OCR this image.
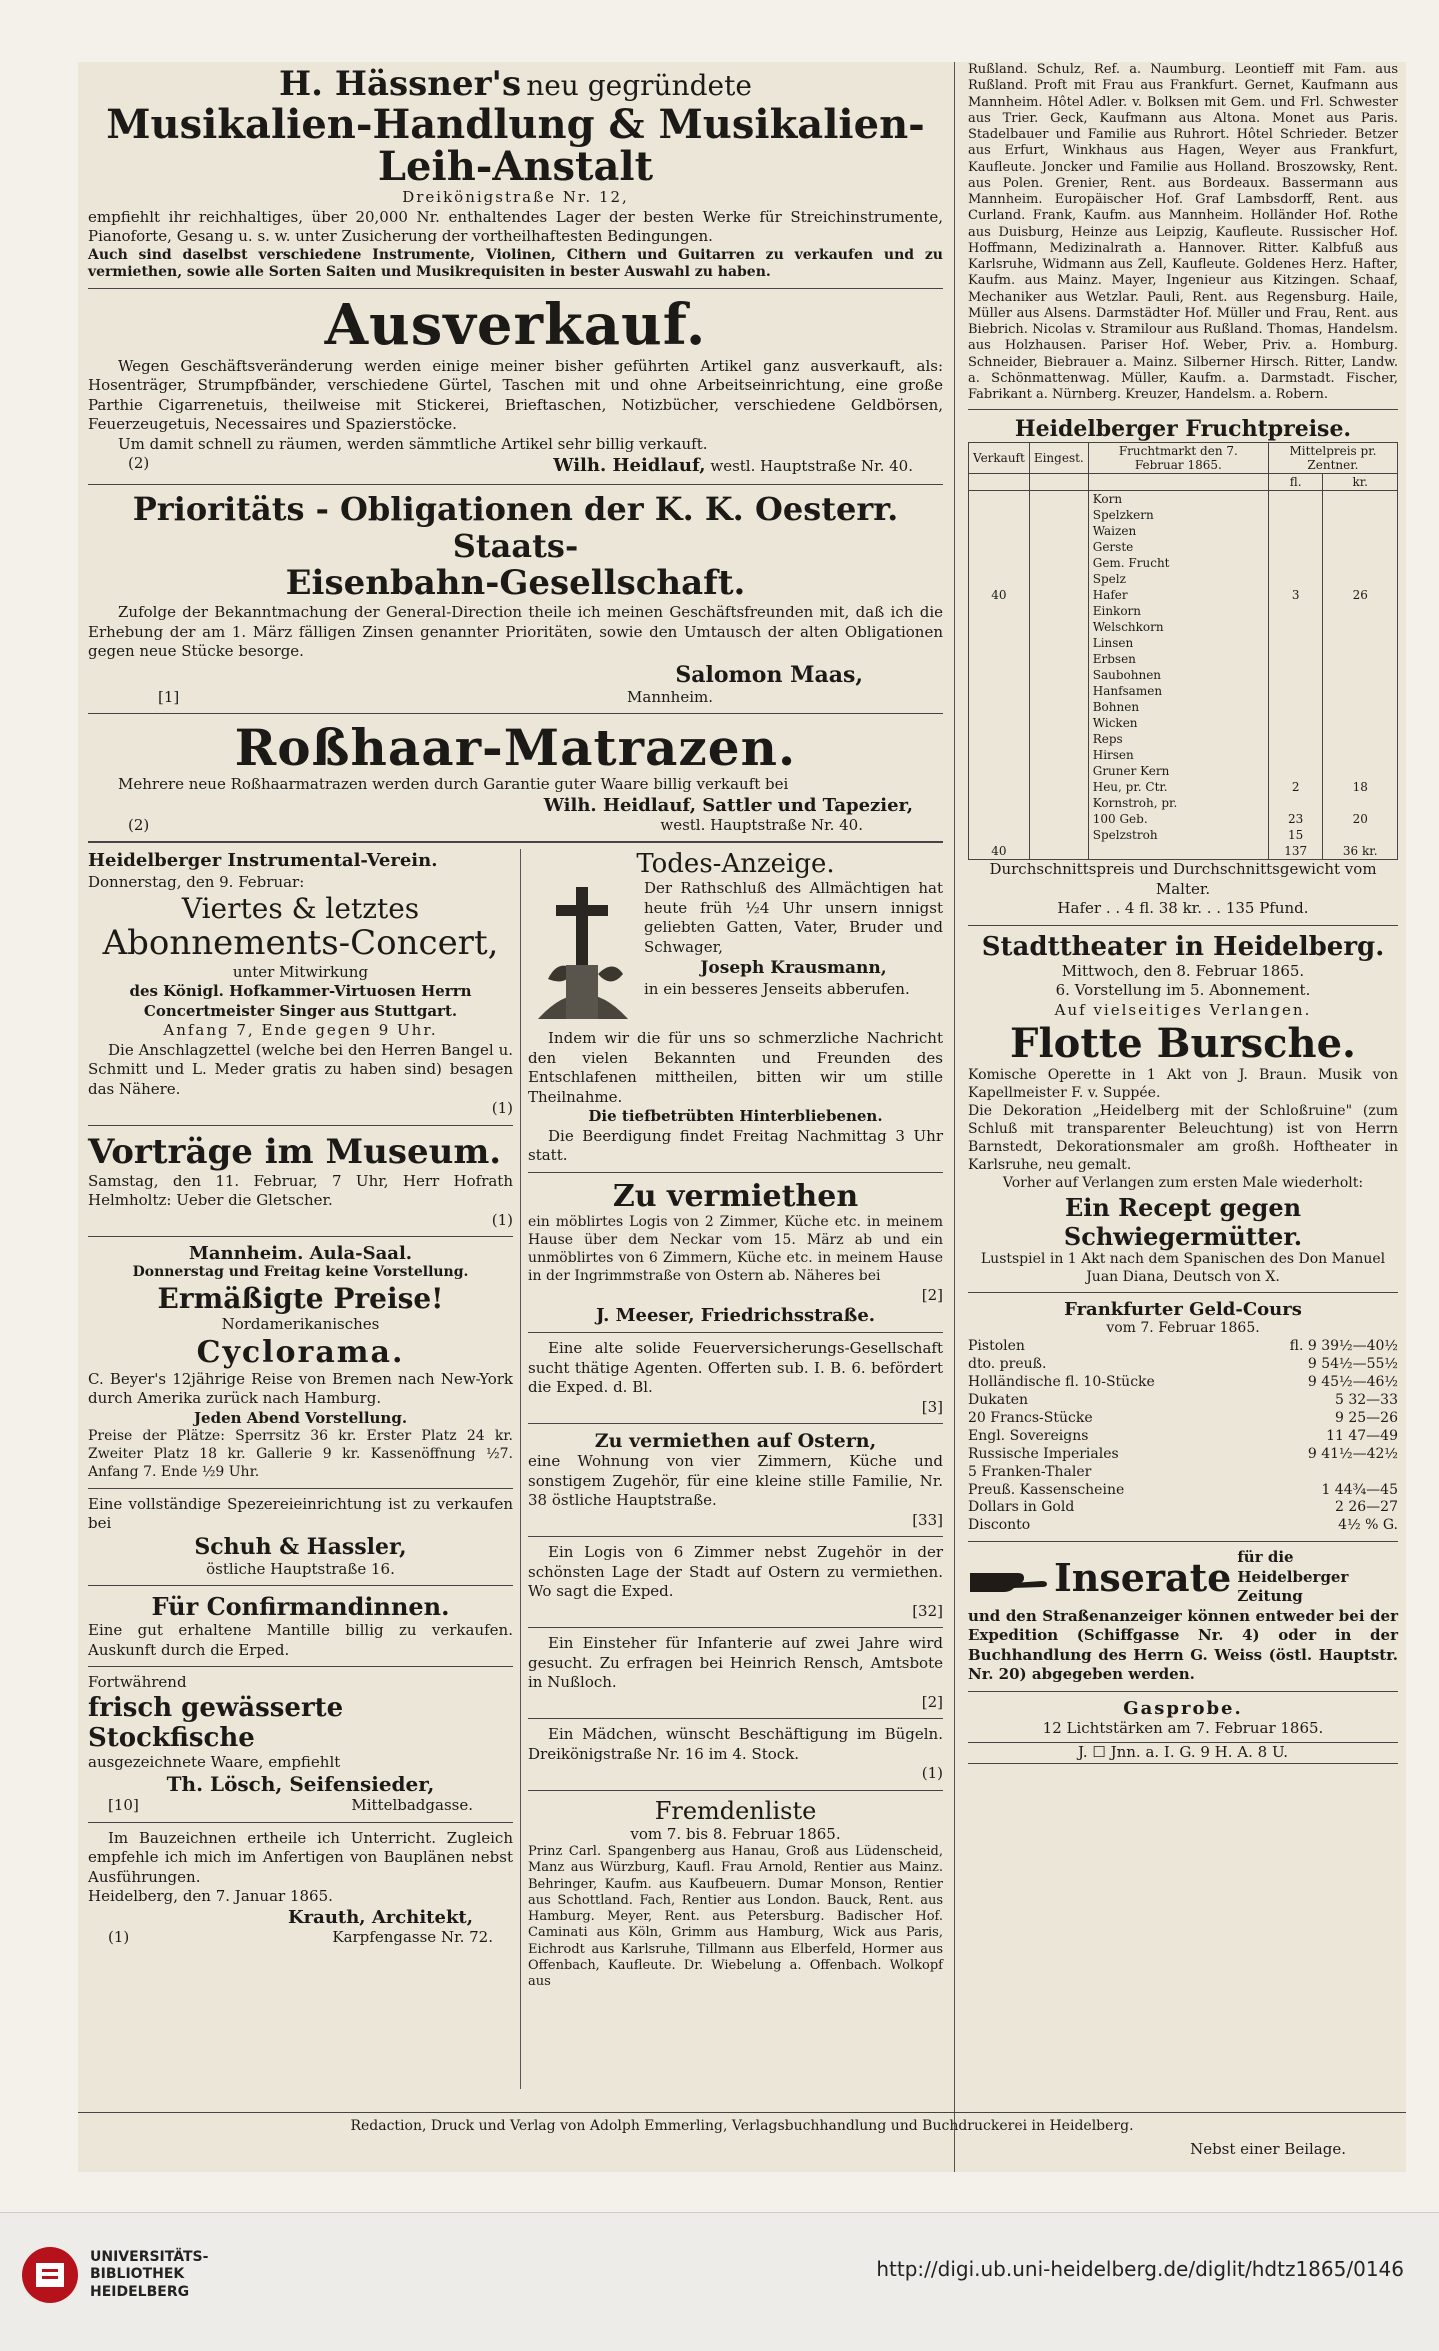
H. Hässner's neu gegründete
Musikalien-Handlung & Musikalien-Leih-Anstalt
Dreikönigstraße Nr. 12,
empfiehlt ihr reichhaltiges, über 20,000 Nr. enthaltendes Lager der besten Werke für Streichinstrumente, Pianoforte, Gesang u. s. w. unter Zusicherung der vortheilhaftesten Bedingungen.
Auch sind daselbst verschiedene Instrumente, Violinen, Cithern und Guitarren zu verkaufen und zu vermiethen, sowie alle Sorten Saiten und Musikrequisiten in bester Auswahl zu haben.
Ausverkauf.
Wegen Geschäftsveränderung werden einige meiner bisher geführten Artikel ganz ausverkauft, als: Hosenträger, Strumpfbänder, verschiedene Gürtel, Taschen mit und ohne Arbeitseinrichtung, eine große Parthie Cigarrenetuis, theilweise mit Stickerei, Brieftaschen, Notizbücher, verschiedene Geldbörsen, Feuerzeugetuis, Necessaires und Spazierstöcke.
Um damit schnell zu räumen, werden sämmtliche Artikel sehr billig verkauft.
(2)	Wilh. Heidlauf, westl. Hauptstraße Nr. 40.
Prioritäts - Obligationen der K. K. Oesterr. Staats-
Eisenbahn-Gesellschaft.
Zufolge der Bekanntmachung der General-Direction theile ich meinen Geschäftsfreunden mit, daß ich die Erhebung der am 1. März fälligen Zinsen genannter Prioritäten, sowie den Umtausch der alten Obligationen gegen neue Stücke besorge.
Salomon Maas,
[1]	Mannheim.
Roßhaar-Matrazen.
Mehrere neue Roßhaarmatrazen werden durch Garantie guter Waare billig verkauft bei
Wilh. Heidlauf, Sattler und Tapezier,
(2)	westl. Hauptstraße Nr. 40.
Heidelberger Instrumental-Verein.
Donnerstag, den 9. Februar:
Viertes & letztes
Abonnements-Concert,
unter Mitwirkung
des Königl. Hofkammer-Virtuosen Herrn
Concertmeister Singer aus Stuttgart.
Anfang 7, Ende gegen 9 Uhr.
Die Anschlagzettel (welche bei den Herren Bangel u. Schmitt und L. Meder gratis zu haben sind) besagen das Nähere.
(1)
Vorträge im Museum.
Samstag, den 11. Februar, 7 Uhr, Herr Hofrath Helmholtz: Ueber die Gletscher.
(1)
Mannheim. Aula-Saal.
Donnerstag und Freitag keine Vorstellung.
Ermäßigte Preise!
Nordamerikanisches
Cyclorama.
C. Beyer's 12jährige Reise von Bremen nach New-York durch Amerika zurück nach Hamburg.
Jeden Abend Vorstellung.
Preise der Plätze: Sperrsitz 36 kr. Erster Platz 24 kr. Zweiter Platz 18 kr. Gallerie 9 kr. Kassenöffnung ½7. Anfang 7. Ende ½9 Uhr.
Eine vollständige Spezereieinrichtung ist zu verkaufen bei
Schuh & Hassler,
östliche Hauptstraße 16.
Für Confirmandinnen.
Eine gut erhaltene Mantille billig zu verkaufen. Auskunft durch die Erped.
Fortwährend
frisch gewässerte Stockfische
ausgezeichnete Waare, empfiehlt
Th. Lösch, Seifensieder,
[10]	Mittelbadgasse.
Im Bauzeichnen ertheile ich Unterricht. Zugleich empfehle ich mich im Anfertigen von Bauplänen nebst Ausführungen.
Heidelberg, den 7. Januar 1865.
Krauth, Architekt,
(1)	Karpfengasse Nr. 72.
Todes-Anzeige.
Der Rathschluß des Allmächtigen hat heute früh ½4 Uhr unsern innigst geliebten Gatten, Vater, Bruder und Schwager,
Joseph Krausmann,
in ein besseres Jenseits abberufen.
Indem wir die für uns so schmerzliche Nachricht den vielen Bekannten und Freunden des Entschlafenen mittheilen, bitten wir um stille Theilnahme.
Die tiefbetrübten Hinterbliebenen.
Die Beerdigung findet Freitag Nachmittag 3 Uhr statt.
Zu vermiethen
ein möblirtes Logis von 2 Zimmer, Küche etc. in meinem Hause über dem Neckar vom 15. März ab und ein unmöblirtes von 6 Zimmern, Küche etc. in meinem Hause in der Ingrimmstraße von Ostern ab. Näheres bei
[2]
J. Meeser, Friedrichsstraße.
Eine alte solide Feuerversicherungs-Gesellschaft sucht thätige Agenten. Offerten sub. I. B. 6. befördert die Exped. d. Bl.
[3]
Zu vermiethen auf Ostern,
eine Wohnung von vier Zimmern, Küche und sonstigem Zugehör, für eine kleine stille Familie, Nr. 38 östliche Hauptstraße.
[33]
Ein Logis von 6 Zimmer nebst Zugehör in der schönsten Lage der Stadt auf Ostern zu vermiethen. Wo sagt die Exped.
[32]
Ein Einsteher für Infanterie auf zwei Jahre wird gesucht. Zu erfragen bei Heinrich Rensch, Amtsbote in Nußloch.
[2]
Ein Mädchen, wünscht Beschäftigung im Bügeln. Dreikönigstraße Nr. 16 im 4. Stock.
(1)
Fremdenliste
vom 7. bis 8. Februar 1865.
Prinz Carl. Spangenberg aus Hanau, Groß aus Lüdenscheid, Manz aus Würzburg, Kaufl. Frau Arnold, Rentier aus Mainz. Behringer, Kaufm. aus Kaufbeuern. Dumar Monson, Rentier aus Schottland. Fach, Rentier aus London. Bauck, Rent. aus Hamburg. Meyer, Rent. aus Petersburg. Badischer Hof. Caminati aus Köln, Grimm aus Hamburg, Wick aus Paris, Eichrodt aus Karlsruhe, Tillmann aus Elberfeld, Hormer aus Offenbach, Kaufleute. Dr. Wiebelung a. Offenbach. Wolkopf aus
Rußland. Schulz, Ref. a. Naumburg. Leontieff mit Fam. aus Rußland. Proft mit Frau aus Frankfurt. Gernet, Kaufmann aus Mannheim. Hôtel Adler. v. Bolksen mit Gem. und Frl. Schwester aus Trier. Geck, Kaufmann aus Altona. Monet aus Paris. Stadelbauer und Familie aus Ruhrort. Hôtel Schrieder. Betzer aus Erfurt, Winkhaus aus Hagen, Weyer aus Frankfurt, Kaufleute. Joncker und Familie aus Holland. Broszowsky, Rent. aus Polen. Grenier, Rent. aus Bordeaux. Bassermann aus Mannheim. Europäischer Hof. Graf Lambsdorff, Rent. aus Curland. Frank, Kaufm. aus Mannheim. Holländer Hof. Rothe aus Duisburg, Heinze aus Leipzig, Kaufleute. Russischer Hof. Hoffmann, Medizinalrath a. Hannover. Ritter. Kalbfuß aus Karlsruhe, Widmann aus Zell, Kaufleute. Goldenes Herz. Hafter, Kaufm. aus Mainz. Mayer, Ingenieur aus Kitzingen. Schaaf, Mechaniker aus Wetzlar. Pauli, Rent. aus Regensburg. Haile, Müller aus Alsens. Darmstädter Hof. Müller und Frau, Rent. aus Biebrich. Nicolas v. Stramilour aus Rußland. Thomas, Handelsm. aus Holzhausen. Pariser Hof. Weber, Priv. a. Homburg. Schneider, Biebrauer a. Mainz. Silberner Hirsch. Ritter, Landw. a. Schönmattenwag. Müller, Kaufm. a. Darmstadt. Fischer, Fabrikant a. Nürnberg. Kreuzer, Handelsm. a. Robern.
Heidelberger Fruchtpreise.
Verkauft	Eingest.	Fruchtmarkt den 7. Februar 1865.	Mittelpreis pr. Zentner.	
			fl.	kr.
		Korn		
		Spelzkern		
		Waizen		
		Gerste		
		Gem. Frucht		
		Spelz		
40		Hafer	3	26
		Einkorn		
		Welschkorn		
		Linsen		
		Erbsen		
		Saubohnen		
		Hanfsamen		
		Bohnen		
		Wicken		
		Reps		
		Hirsen		
		Gruner Kern		
		Heu, pr. Ctr.	2	18
		Kornstroh, pr.		
		100 Geb.	23	20
		Spelzstroh	15	
40			137	36 kr.
Durchschnittspreis und Durchschnittsgewicht vom Malter.
Hafer . . 4 fl. 38 kr. . . 135 Pfund.
Stadttheater in Heidelberg.
Mittwoch, den 8. Februar 1865.
6. Vorstellung im 5. Abonnement.
Auf vielseitiges Verlangen.
Flotte Bursche.
Komische Operette in 1 Akt von J. Braun. Musik von Kapellmeister F. v. Suppée.
Die Dekoration „Heidelberg mit der Schloßruine" (zum Schluß mit transparenter Beleuchtung) ist von Herrn Barnstedt, Dekorationsmaler am großh. Hoftheater in Karlsruhe, neu gemalt.
Vorher auf Verlangen zum ersten Male wiederholt:
Ein Recept gegen Schwiegermütter.
Lustspiel in 1 Akt nach dem Spanischen des Don Manuel Juan Diana, Deutsch von X.
Frankfurter Geld-Cours
vom 7. Februar 1865.
Pistolen	fl. 9 39½—40½
dto. preuß.	9 54½—55½
Holländische fl. 10-Stücke	9 45½—46½
Dukaten	5 32—33
20 Francs-Stücke	9 25—26
Engl. Sovereigns	11 47—49
Russische Imperiales	9 41½—42½
5 Franken-Thaler
Preuß. Kassenscheine	1 44¾—45
Dollars in Gold	2 26—27
Disconto	4½ % G.
Inserate für die Heidelberger Zeitung
und den Straßenanzeiger können entweder bei der Expedition (Schiffgasse Nr. 4) oder in der Buchhandlung des Herrn G. Weiss (östl. Hauptstr. Nr. 20) abgegeben werden.
Gasprobe.
12 Lichtstärken am 7. Februar 1865.
J. ☐ Jnn. a. I. G. 9 H. A. 8 U.
Redaction, Druck und Verlag von Adolph Emmerling, Verlagsbuchhandlung und Buchdruckerei in Heidelberg.
Nebst einer Beilage.
UNIVERSITÄTS-
BIBLIOTHEK
HEIDELBERG
http://digi.ub.uni-heidelberg.de/diglit/hdtz1865/0146
